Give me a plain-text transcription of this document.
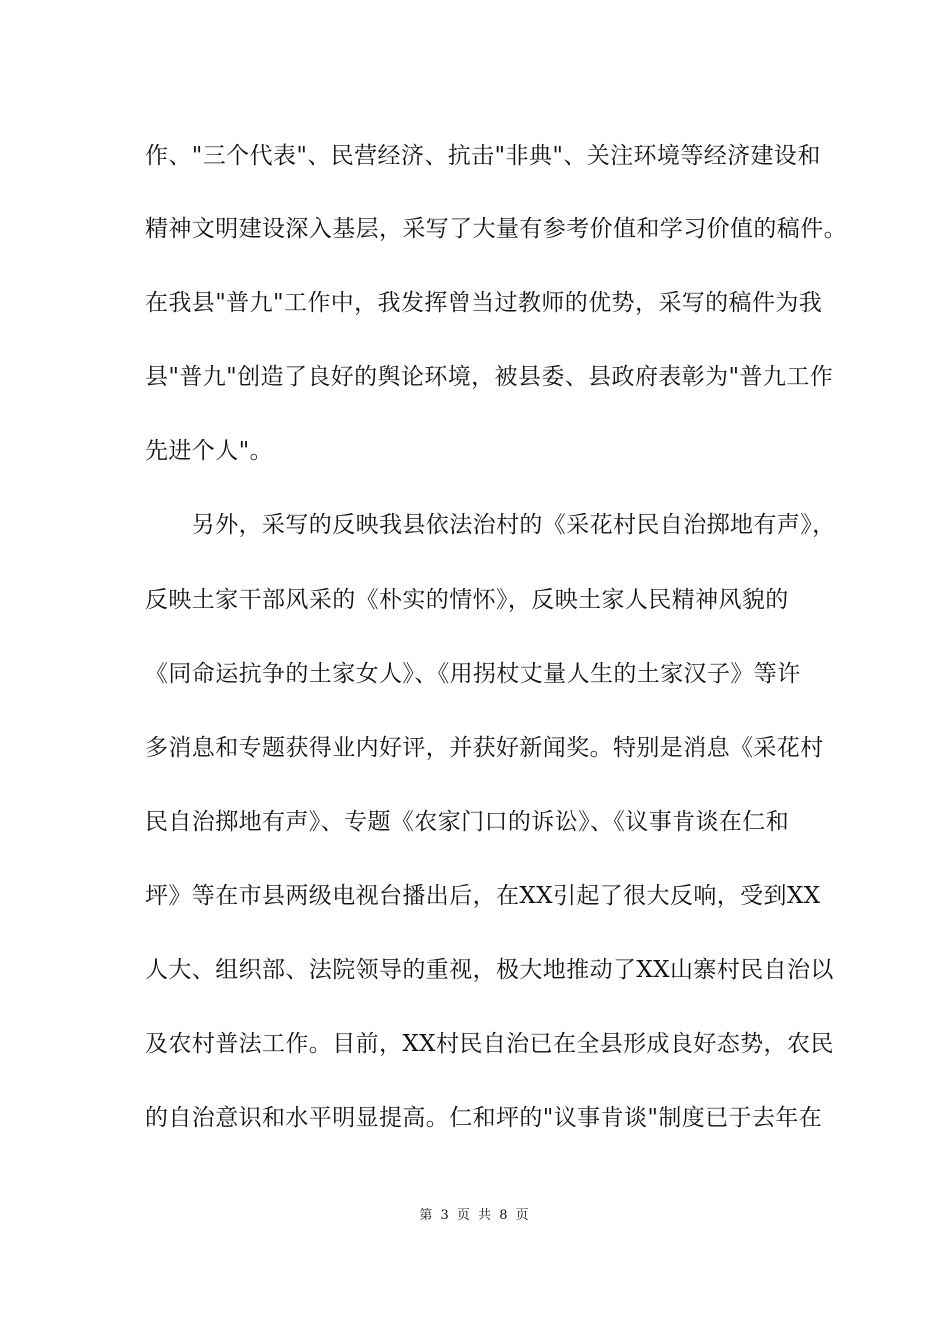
作、"三个代表"、民营经济、抗击"非典"、关注环境等经济建设和
精神文明建设深入基层，采写了大量有参考价值和学习价值的稿件。
在我县"普九"工作中，我发挥曾当过教师的优势，采写的稿件为我
县"普九"创造了良好的舆论环境，被县委、县政府表彰为"普九工作
先进个人"。
　　另外，采写的反映我县依法治村的《采花村民自治掷地有声》，
反映土家干部风采的《朴实的情怀》，反映土家人民精神风貌的
《同命运抗争的土家女人》、《用拐杖丈量人生的土家汉子》等许
多消息和专题获得业内好评，并获好新闻奖。特别是消息《采花村
民自治掷地有声》、专题《农家门口的诉讼》、《议事肯谈在仁和
坪》等在市县两级电视台播出后，在XX引起了很大反响，受到XX
人大、组织部、法院领导的重视，极大地推动了XX山寨村民自治以
及农村普法工作。目前，XX村民自治已在全县形成良好态势，农民
的自治意识和水平明显提高。仁和坪的"议事肯谈"制度已于去年在
第 3 页 共 8 页
